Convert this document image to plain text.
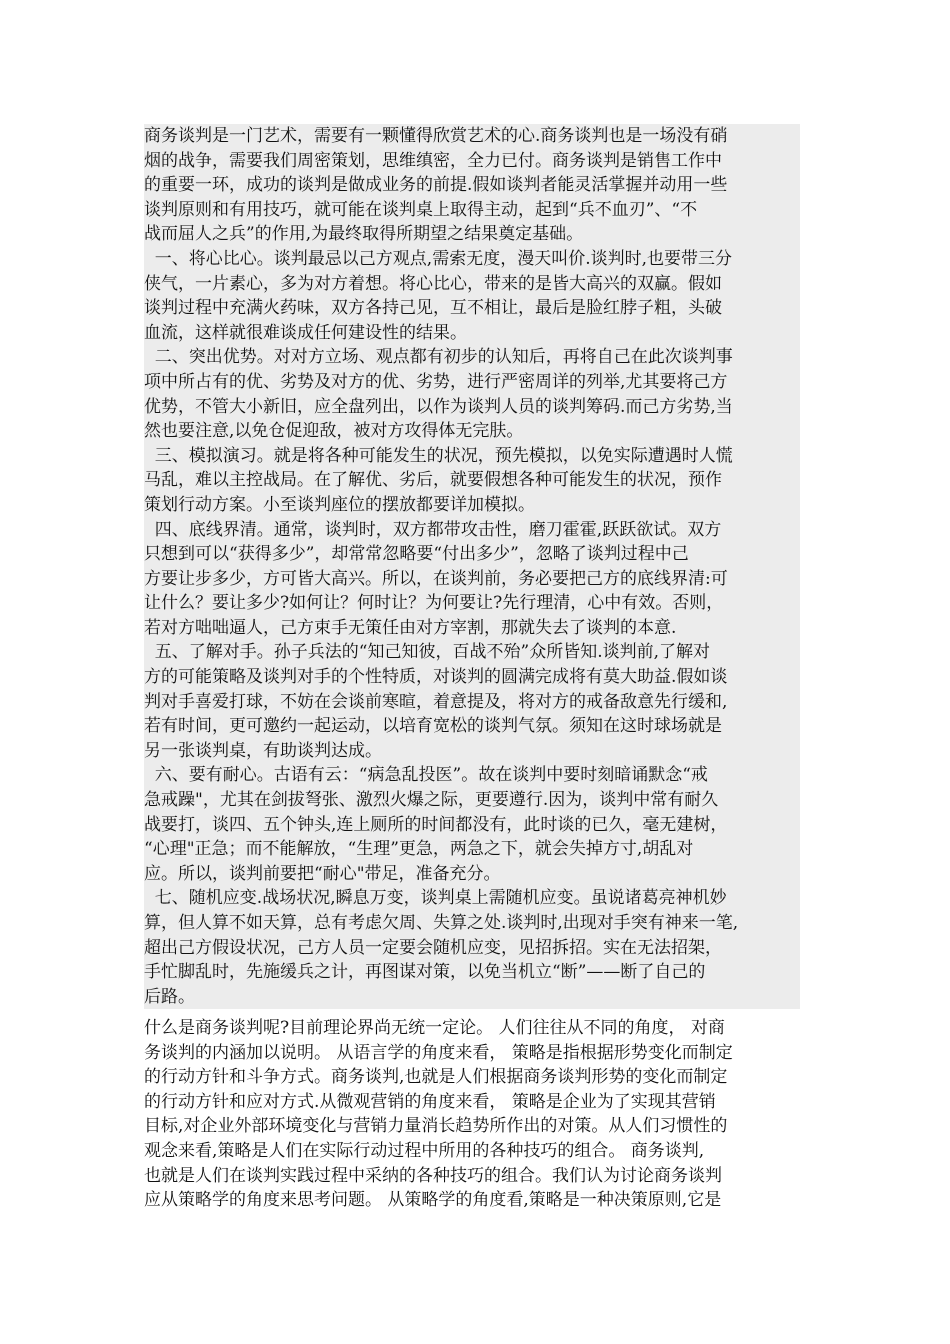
商务谈判是一门艺术，需要有一颗懂得欣赏艺术的心.商务谈判也是一场没有硝
烟的战争，需要我们周密策划，思维缜密，全力已付。商务谈判是销售工作中
的重要一环，成功的谈判是做成业务的前提.假如谈判者能灵活掌握并动用一些
谈判原则和有用技巧，就可能在谈判桌上取得主动，起到“兵不血刃”、“不
战而屈人之兵”的作用,为最终取得所期望之结果奠定基础。
一、将心比心。谈判最忌以己方观点,需索无度，漫天叫价.谈判时,也要带三分
侠气，一片素心，多为对方着想。将心比心，带来的是皆大高兴的双赢。假如
谈判过程中充满火药味，双方各持己见，互不相让，最后是脸红脖子粗，头破
血流，这样就很难谈成任何建设性的结果。
二、突出优势。对对方立场、观点都有初步的认知后，再将自己在此次谈判事
项中所占有的优、劣势及对方的优、劣势，进行严密周详的列举,尤其要将己方
优势，不管大小新旧，应全盘列出，以作为谈判人员的谈判筹码.而己方劣势,当
然也要注意,以免仓促迎敌，被对方攻得体无完肤。
三、模拟演习。就是将各种可能发生的状况，预先模拟，以免实际遭遇时人慌
马乱，难以主控战局。在了解优、劣后，就要假想各种可能发生的状况，预作
策划行动方案。小至谈判座位的摆放都要详加模拟。
四、底线界清。通常，谈判时，双方都带攻击性，磨刀霍霍,跃跃欲试。双方
只想到可以“获得多少”，却常常忽略要“付出多少”，忽略了谈判过程中己
方要让步多少，方可皆大高兴。所以，在谈判前，务必要把己方的底线界清:可
让什么？要让多少?如何让？何时让？为何要让?先行理清，心中有效。否则，
若对方咄咄逼人，己方束手无策任由对方宰割，那就失去了谈判的本意.
五、了解对手。孙子兵法的“知己知彼，百战不殆”众所皆知.谈判前,了解对
方的可能策略及谈判对手的个性特质，对谈判的圆满完成将有莫大助益.假如谈
判对手喜爱打球，不妨在会谈前寒暄，着意提及，将对方的戒备敌意先行缓和,
若有时间，更可邀约一起运动，以培育宽松的谈判气氛。须知在这时球场就是
另一张谈判桌，有助谈判达成。
六、要有耐心。古语有云：“病急乱投医”。故在谈判中要时刻暗诵默念“戒
急戒躁"，尤其在剑拔弩张、激烈火爆之际，更要遵行.因为，谈判中常有耐久
战要打，谈四、五个钟头,连上厕所的时间都没有，此时谈的已久，毫无建树，
“心理"正急；而不能解放，“生理”更急，两急之下，就会失掉方寸,胡乱对
应。所以，谈判前要把“耐心"带足，准备充分。
七、随机应变.战场状况,瞬息万变，谈判桌上需随机应变。虽说诸葛亮神机妙
算，但人算不如天算，总有考虑欠周、失算之处.谈判时,出现对手突有神来一笔,
超出己方假设状况，己方人员一定要会随机应变，见招拆招。实在无法招架，
手忙脚乱时，先施缓兵之计，再图谋对策，以免当机立“断”——断了自己的
后路。
什么是商务谈判呢?目前理论界尚无统一定论。 人们往往从不同的角度， 对商
务谈判的内涵加以说明。 从语言学的角度来看， 策略是指根据形势变化而制定
的行动方针和斗争方式。商务谈判,也就是人们根据商务谈判形势的变化而制定
的行动方针和应对方式.从微观营销的角度来看， 策略是企业为了实现其营销
目标,对企业外部环境变化与营销力量消长趋势所作出的对策。从人们习惯性的
观念来看,策略是人们在实际行动过程中所用的各种技巧的组合。 商务谈判,
也就是人们在谈判实践过程中采纳的各种技巧的组合。我们认为讨论商务谈判
应从策略学的角度来思考问题。 从策略学的角度看,策略是一种决策原则,它是
